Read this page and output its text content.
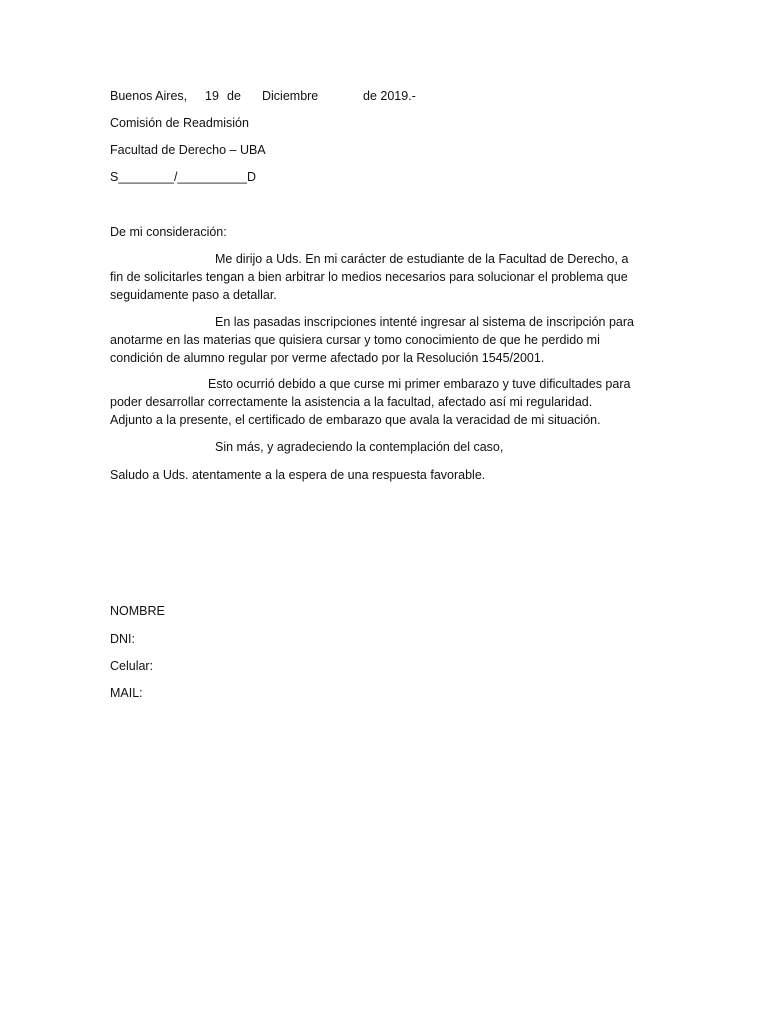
Buenos Aires, 19 de Diciembre	de 2019.-
Comisión de Readmisión
Facultad de Derecho – UBA
S________/__________D
De mi consideración:
Me dirijo a Uds. En mi carácter de estudiante de la Facultad de Derecho, a
fin de solicitarles tengan a bien arbitrar lo medios necesarios para solucionar el problema que
seguidamente paso a detallar.
En las pasadas inscripciones intenté ingresar al sistema de inscripción para
anotarme en las materias que quisiera cursar y tomo conocimiento de que he perdido mi
condición de alumno regular por verme afectado por la Resolución 1545/2001.
Esto ocurrió debido a que curse mi primer embarazo y tuve dificultades para
poder desarrollar correctamente la asistencia a la facultad, afectado así mi regularidad.
Adjunto a la presente, el certificado de embarazo que avala la veracidad de mi situación.
Sin más, y agradeciendo la contemplación del caso,
Saludo a Uds. atentamente a la espera de una respuesta favorable.
NOMBRE
DNI:
Celular:
MAIL:
